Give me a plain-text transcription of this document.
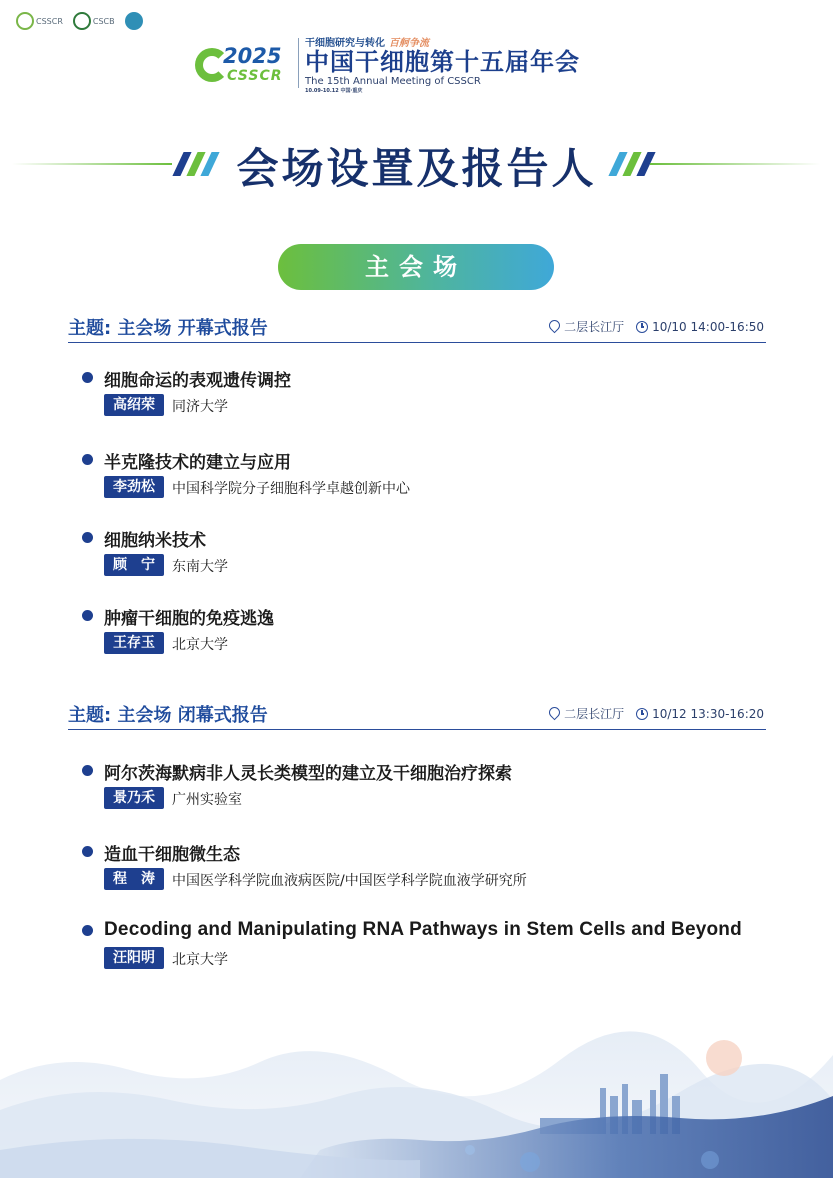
CSSCR	CSCB
2025
CSSCR
干细胞研究与转化 百舸争流
中国干细胞第十五届年会
The 15th Annual Meeting of CSSCR
10.09-10.12 中国·重庆
会场设置及报告人
主会场
主题: 主会场 开幕式报告	二层长江厅 10/10 14:00-16:50
细胞命运的表观遗传调控
高绍荣	同济大学
半克隆技术的建立与应用
李劲松	中国科学院分子细胞科学卓越创新中心
细胞纳米技术
顾　宁	东南大学
肿瘤干细胞的免疫逃逸
王存玉	北京大学
主题: 主会场 闭幕式报告	二层长江厅 10/12 13:30-16:20
阿尔茨海默病非人灵长类模型的建立及干细胞治疗探索
景乃禾	广州实验室
造血干细胞微生态
程　涛	中国医学科学院血液病医院/中国医学科学院血液学研究所
Decoding and Manipulating RNA Pathways in Stem Cells and Beyond
汪阳明	北京大学
